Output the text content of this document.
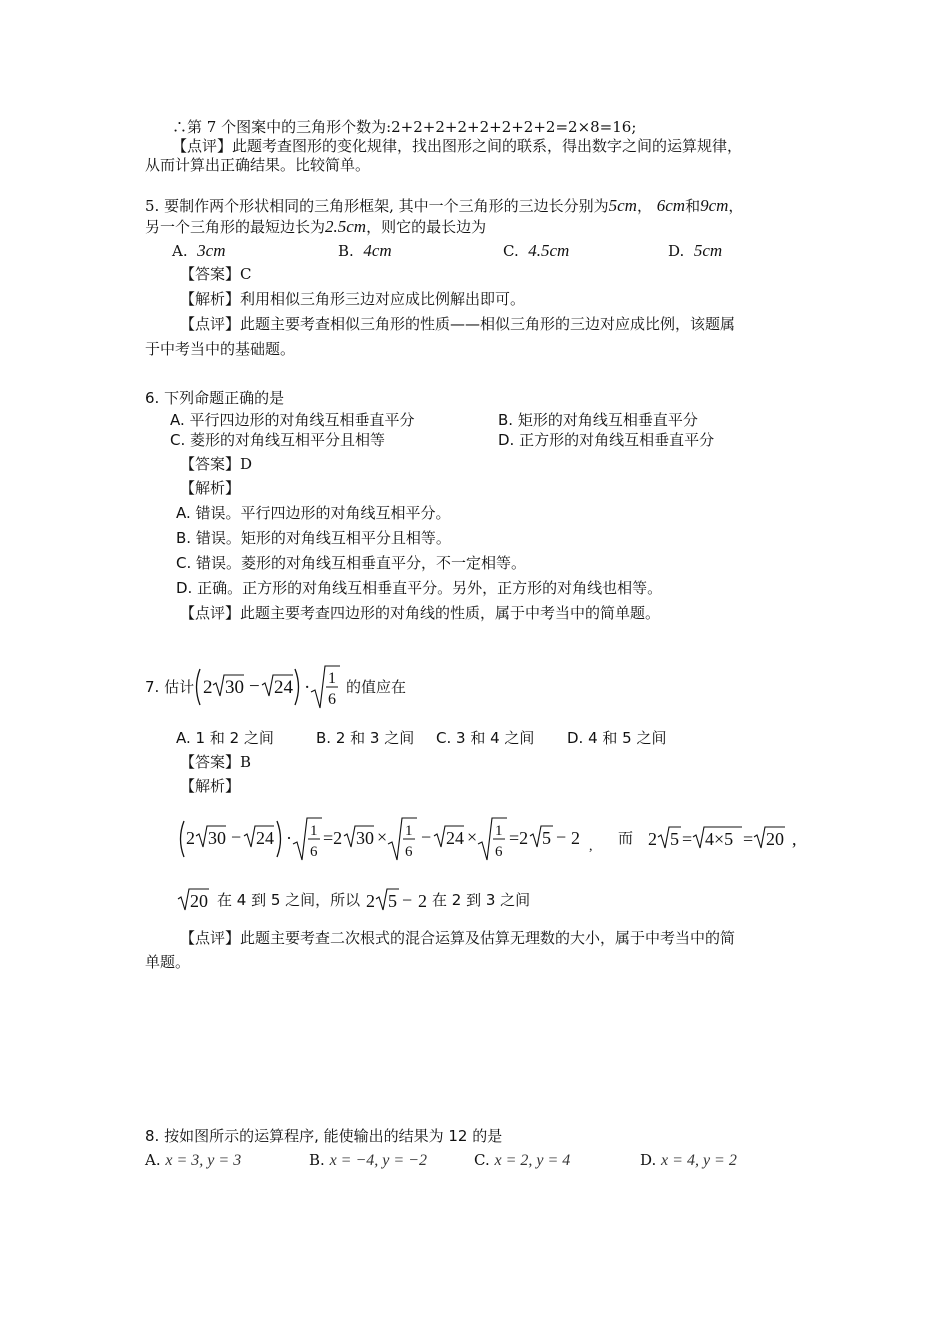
∴第 7 个图案中的三角形个数为:2+2+2+2+2+2+2+2=2×8=16;
【点评】此题考查图形的变化规律，找出图形之间的联系，得出数字之间的运算规律，
从而计算出正确结果。比较简单。
5. 要制作两个形状相同的三角形框架, 其中一个三角形的三边长分别为5cm， 6cm和9cm，
另一个三角形的最短边长为2.5cm，则它的最长边为
A. 3cm	B. 4cm	C. 4.5cm	D. 5cm
【答案】C
【解析】利用相似三角形三边对应成比例解出即可。
【点评】此题主要考查相似三角形的性质——相似三角形的三边对应成比例，该题属
于中考当中的基础题。
6. 下列命题正确的是
A. 平行四边形的对角线互相垂直平分	B. 矩形的对角线互相垂直平分
C. 菱形的对角线互相平分且相等	D. 正方形的对角线互相垂直平分
【答案】D
【解析】
A. 错误。平行四边形的对角线互相平分。
B. 错误。矩形的对角线互相平分且相等。
C. 错误。菱形的对角线互相垂直平分，不一定相等。
D. 正确。正方形的对角线互相垂直平分。另外，正方形的对角线也相等。
【点评】此题主要考查四边形的对角线的性质，属于中考当中的简单题。
7. 估计 2 30 − 24 · 1
6
的值应在
A. 1 和 2 之间	B. 2 和 3 之间 C. 3 和 4 之间 D. 4 和 5 之间
【答案】B
【解析】
2 30 − 24 · 1
6
=2 30 × 1
6
− 24 × 1
6
=2 5 − 2 , 而 2 5 = 4×5 = 20 ,
20 在 4 到 5 之间，所以 2 5 − 2 在 2 到 3 之间
【点评】此题主要考查二次根式的混合运算及估算无理数的大小，属于中考当中的简
单题。
8. 按如图所示的运算程序, 能使输出的结果为 12 的是
A. x = 3, y = 3	B. x = −4, y = −2	C. x = 2, y = 4	D. x = 4, y = 2
